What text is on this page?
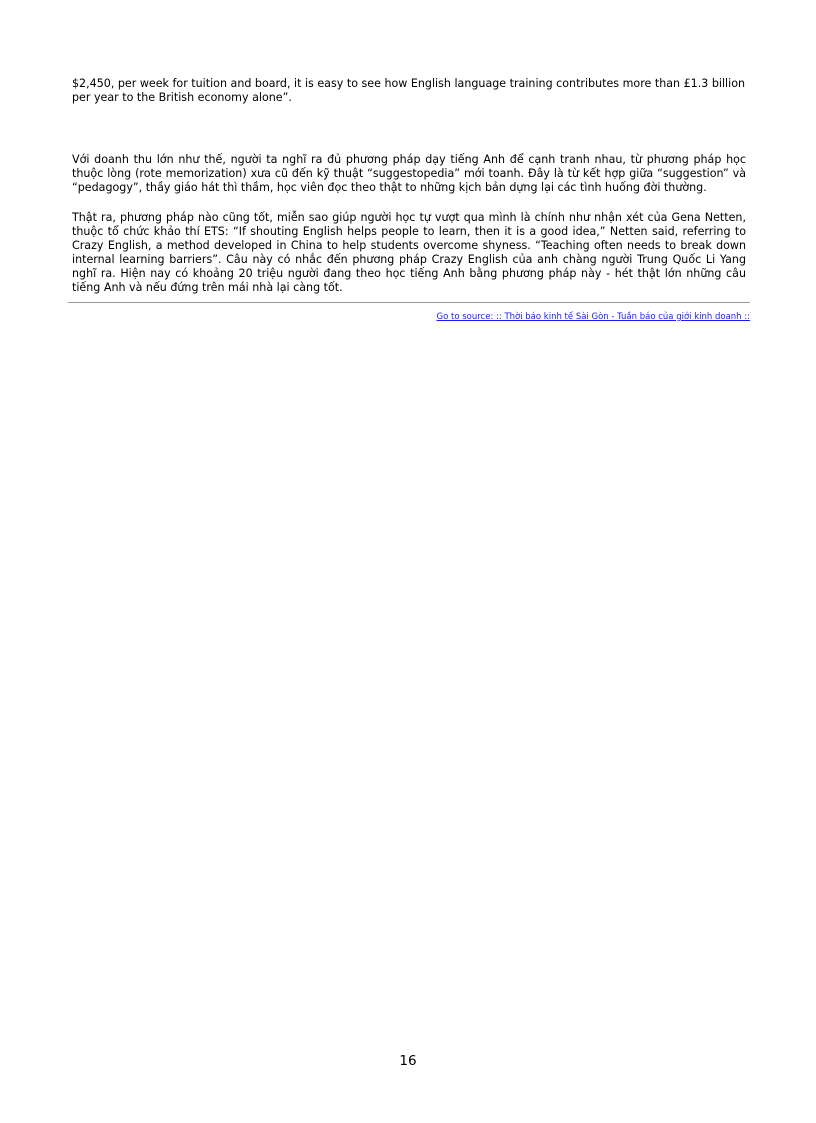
$2,450, per week for tuition and board, it is easy to see how English language training contributes more than £1.3 billion per year to the British economy alone”.

Với doanh thu lớn như thế, người ta nghĩ ra đủ phương pháp dạy tiếng Anh để cạnh tranh nhau, từ phương pháp học thuộc lòng (rote memorization) xưa cũ đến kỹ thuật “suggestopedia” mới toanh. Đây là từ kết hợp giữa “suggestion” và “pedagogy”, thầy giáo hát thì thầm, học viên đọc theo thật to những kịch bản dựng lại các tình huống đời thường.

Thật ra, phương pháp nào cũng tốt, miễn sao giúp người học tự vượt qua mình là chính như nhận xét của Gena Netten, thuộc tổ chức khảo thí ETS: “If shouting English helps people to learn, then it is a good idea,” Netten said, referring to Crazy English, a method developed in China to help students overcome shyness. “Teaching often needs to break down internal learning barriers”. Câu này có nhắc đến phương pháp Crazy English của anh chàng người Trung Quốc Li Yang nghĩ ra. Hiện nay có khoảng 20 triệu người đang theo học tiếng Anh bằng phương pháp này - hét thật lớn những câu tiếng Anh và nếu đứng trên mái nhà lại càng tốt.

Go to source: :: Thời báo kinh tế Sài Gòn - Tuần báo của giới kinh doanh ::
16
